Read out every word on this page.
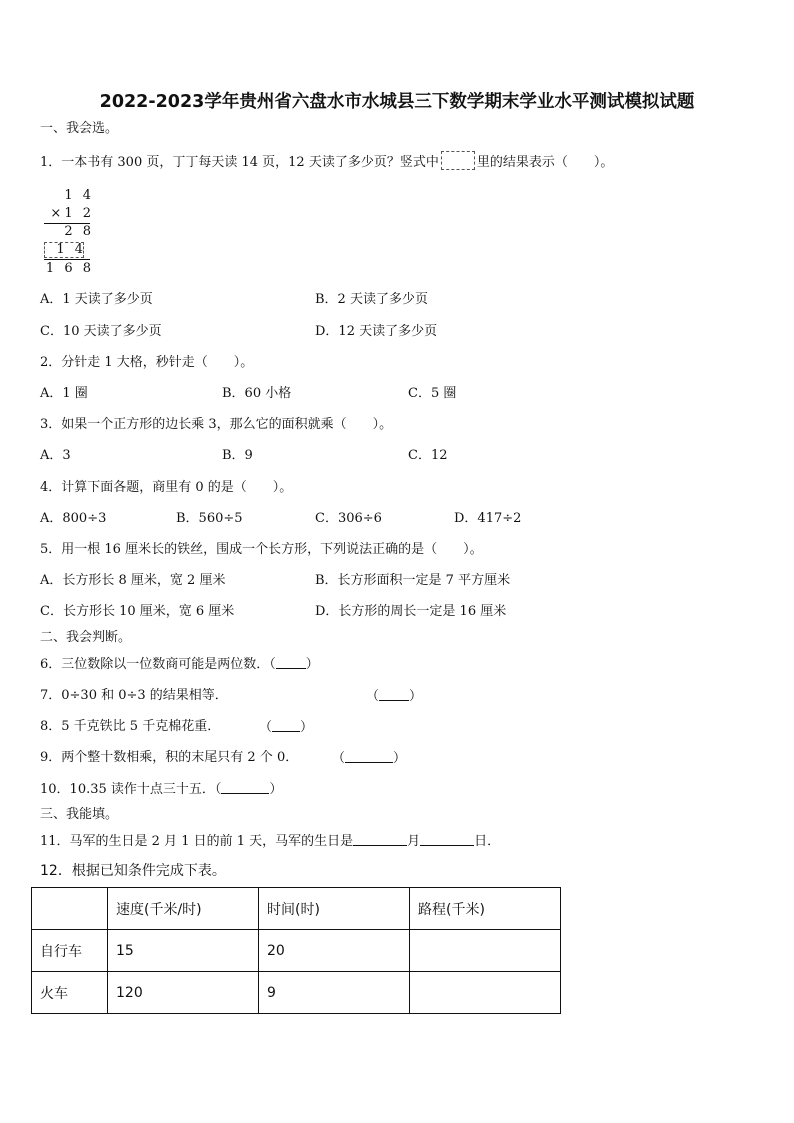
2022-2023学年贵州省六盘水市水城县三下数学期末学业水平测试模拟试题
一、我会选。
1．一本书有 300 页，丁丁每天读 14 页，12 天读了多少页？竖式中	里的结果表示（　　）。
1 4
×1 2
2 8
1 4
1 6 8
A．1 天读了多少页	B．2 天读了多少页
C．10 天读了多少页	D．12 天读了多少页
2．分针走 1 大格，秒针走（　　）。
A．1 圈	B．60 小格	C．5 圈
3．如果一个正方形的边长乘 3，那么它的面积就乘（　　）。
A．3	B．9	C．12
4．计算下面各题，商里有 0 的是（　　）。
A．800÷3	B．560÷5	C．306÷6	D．417÷2
5．用一根 16 厘米长的铁丝，围成一个长方形，下列说法正确的是（　　）。
A．长方形长 8 厘米，宽 2 厘米	B．长方形面积一定是 7 平方厘米
C．长方形长 10 厘米，宽 6 厘米	D．长方形的周长一定是 16 厘米
二、我会判断。
6．三位数除以一位数商可能是两位数．（ ）
7．0÷30 和 0÷3 的结果相等．	（ ）
8．5 千克铁比 5 千克棉花重．	（ ）
9．两个整十数相乘，积的末尾只有 2 个 0．	（	）
10．10.35 读作十点三十五．（	）
三、我能填。
11．马军的生日是 2 月 1 日的前 1 天，马军的生日是	月	日．
12．根据已知条件完成下表。
	速度(千米/时)	时间(时)	路程(千米)
自行车	15	20	
火车	120	9	
